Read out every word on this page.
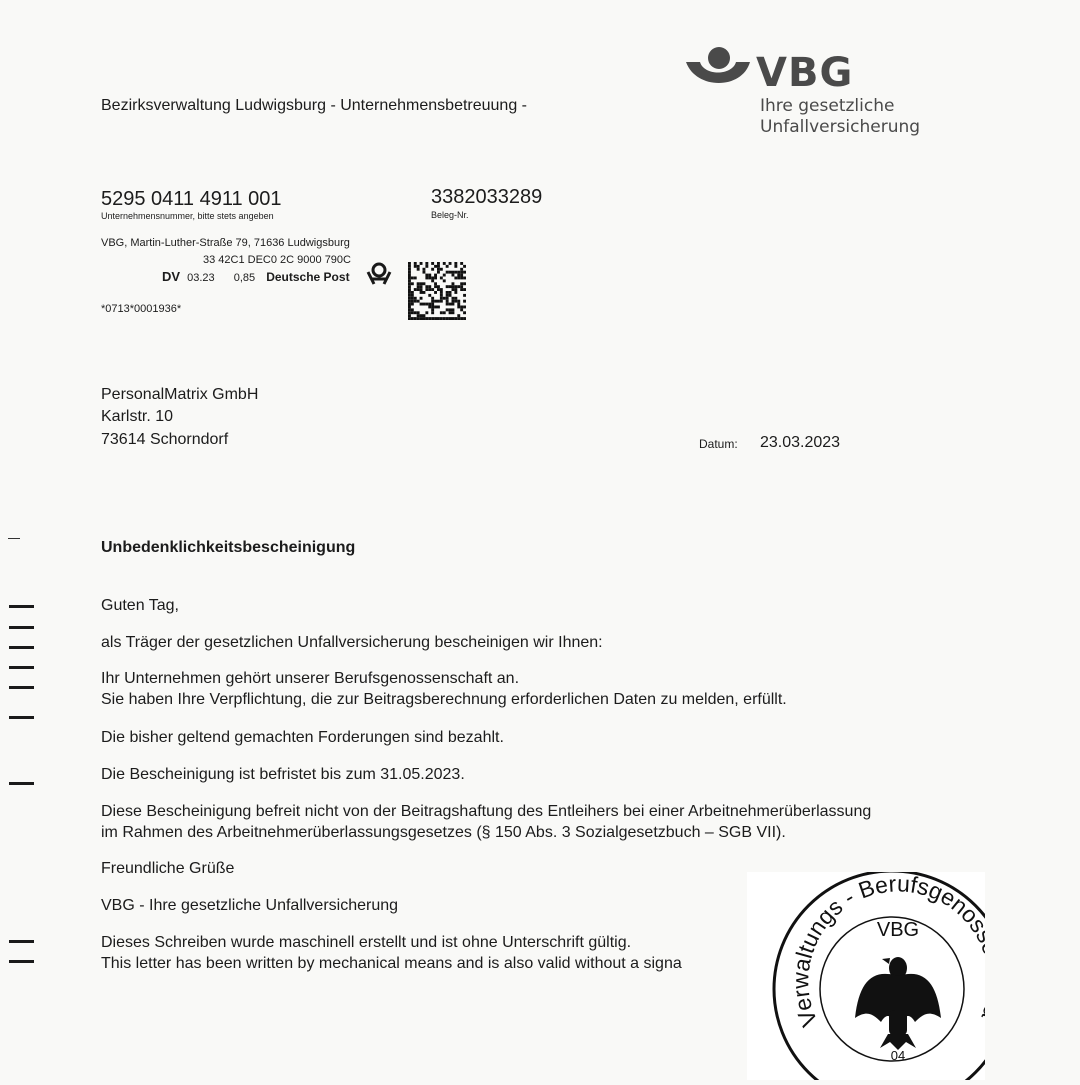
Bezirksverwaltung Ludwigsburg - Unternehmensbetreuung -
VBG
Ihre gesetzliche
Unfallversicherung
5295 0411 4911 001
Unternehmensnummer, bitte stets angeben
3382033289
Beleg-Nr.
VBG, Martin-Luther-Straße 79, 71636 Ludwigsburg
33 42C1 DEC0 2C 9000 790C
DV 03.23 0,85 Deutsche Post
*0713*0001936*
PersonalMatrix GmbH
Karlstr. 10
73614 Schorndorf	Datum: 23.03.2023
Unbedenklichkeitsbescheinigung
Guten Tag,
als Träger der gesetzlichen Unfallversicherung bescheinigen wir Ihnen:
Ihr Unternehmen gehört unserer Berufsgenossenschaft an.
Sie haben Ihre Verpflichtung, die zur Beitragsberechnung erforderlichen Daten zu melden, erfüllt.
Die bisher geltend gemachten Forderungen sind bezahlt.
Die Bescheinigung ist befristet bis zum 31.05.2023.
Diese Bescheinigung befreit nicht von der Beitragshaftung des Entleihers bei einer Arbeitnehmerüberlassung
im Rahmen des Arbeitnehmerüberlassungsgesetzes (§ 150 Abs. 3 Sozialgesetzbuch – SGB VII).
Freundliche Grüße
VBG - Ihre gesetzliche Unfallversicherung
Dieses Schreiben wurde maschinell erstellt und ist ohne Unterschrift gültig.
This letter has been written by mechanical means and is also valid without a signa
Verwaltungs - Berufsgeno
VBG
04
